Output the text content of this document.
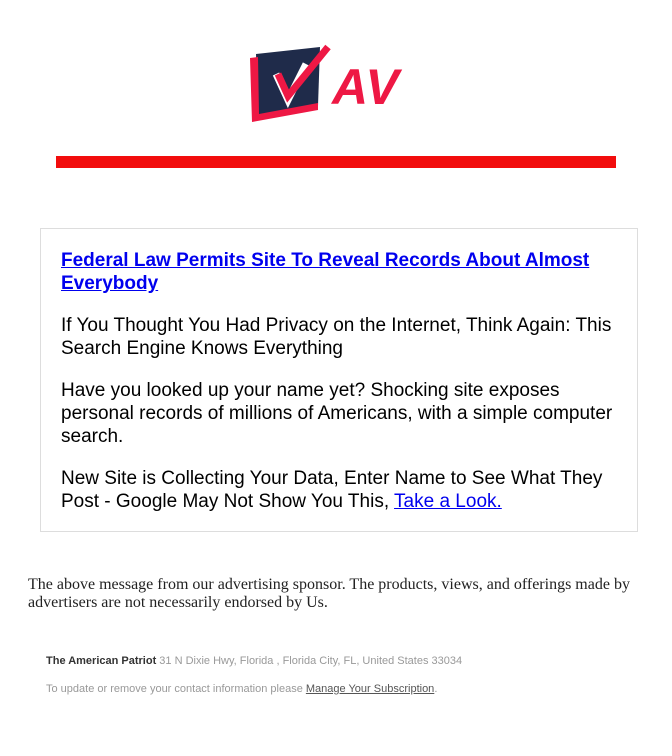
AV

Federal Law Permits Site To Reveal Records About Almost Everybody

If You Thought You Had Privacy on the Internet, Think Again: This Search Engine Knows Everything

Have you looked up your name yet? Shocking site exposes personal records of millions of Americans, with a simple computer search.

New Site is Collecting Your Data, Enter Name to See What They Post - Google May Not Show You This, Take a Look.

The above message from our advertising sponsor. The products, views, and offerings made by advertisers are not necessarily endorsed by Us.
The American Patriot 31 N Dixie Hwy, Florida , Florida City, FL, United States 33034
To update or remove your contact information please Manage Your Subscription.
